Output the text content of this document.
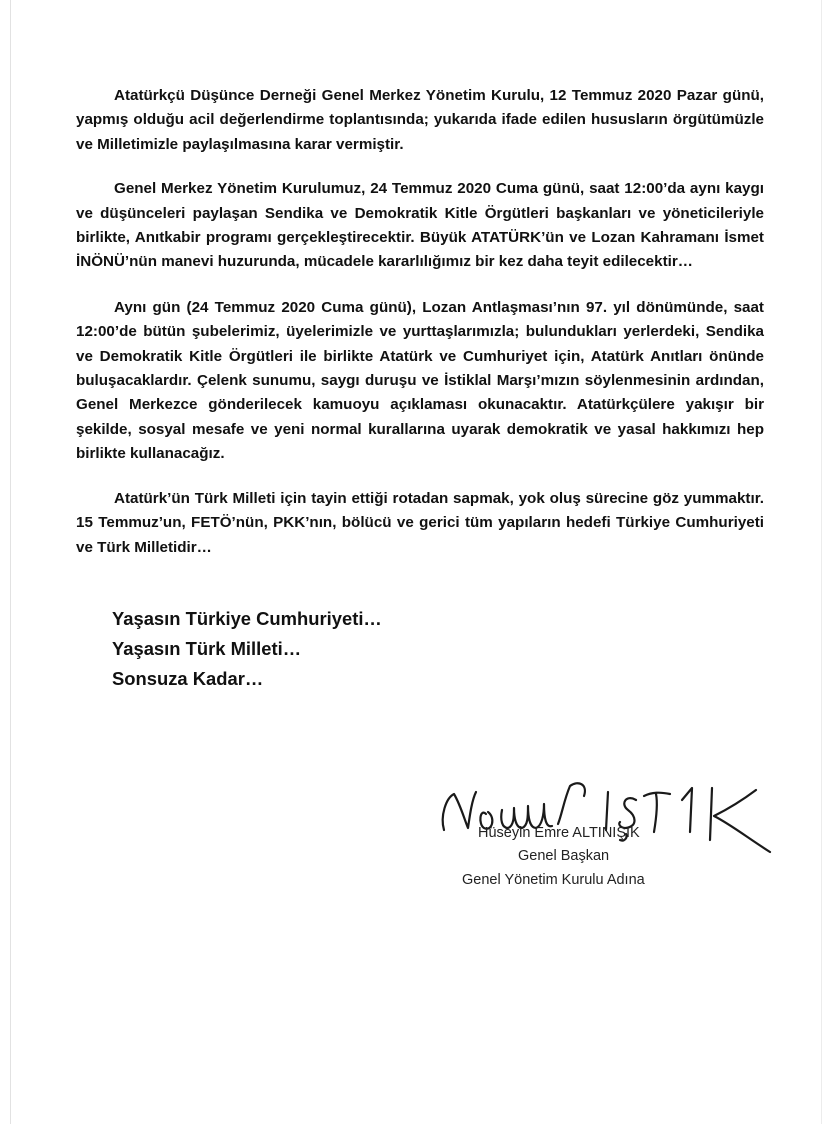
Atatürkçü Düşünce Derneği Genel Merkez Yönetim Kurulu, 12 Temmuz 2020 Pazar günü, yapmış olduğu acil değerlendirme toplantısında; yukarıda ifade edilen hususların örgütümüzle ve Milletimizle paylaşılmasına karar vermiştir.

Genel Merkez Yönetim Kurulumuz, 24 Temmuz 2020 Cuma günü, saat 12:00’da aynı kaygı ve düşünceleri paylaşan Sendika ve Demokratik Kitle Örgütleri başkanları ve yöneticileriyle birlikte, Anıtkabir programı gerçekleştirecektir. Büyük ATATÜRK’ün ve Lozan Kahramanı İsmet İNÖNÜ’nün manevi huzurunda, mücadele kararlılığımız bir kez daha teyit edilecektir…

Aynı gün (24 Temmuz 2020 Cuma günü), Lozan Antlaşması’nın 97. yıl dönümünde, saat 12:00’de bütün şubelerimiz, üyelerimizle ve yurttaşlarımızla; bulundukları yerlerdeki, Sendika ve Demokratik Kitle Örgütleri ile birlikte Atatürk ve Cumhuriyet için, Atatürk Anıtları önünde buluşacaklardır. Çelenk sunumu, saygı duruşu ve İstiklal Marşı’mızın söylenmesinin ardından, Genel Merkezce gönderilecek kamuoyu açıklaması okunacaktır. Atatürkçülere yakışır bir şekilde, sosyal mesafe ve yeni normal kurallarına uyarak demokratik ve yasal hakkımızı hep birlikte kullanacağız.

Atatürk’ün Türk Milleti için tayin ettiği rotadan sapmak, yok oluş sürecine göz yummaktır. 15 Temmuz’un, FETÖ’nün, PKK’nın, bölücü ve gerici tüm yapıların hedefi Türkiye Cumhuriyeti ve Türk Milletidir…

Yaşasın Türkiye Cumhuriyeti…
Yaşasın Türk Milleti…
Sonsuza Kadar…
Hüseyin Emre ALTINIŞIK
Genel Başkan
Genel Yönetim Kurulu Adına
